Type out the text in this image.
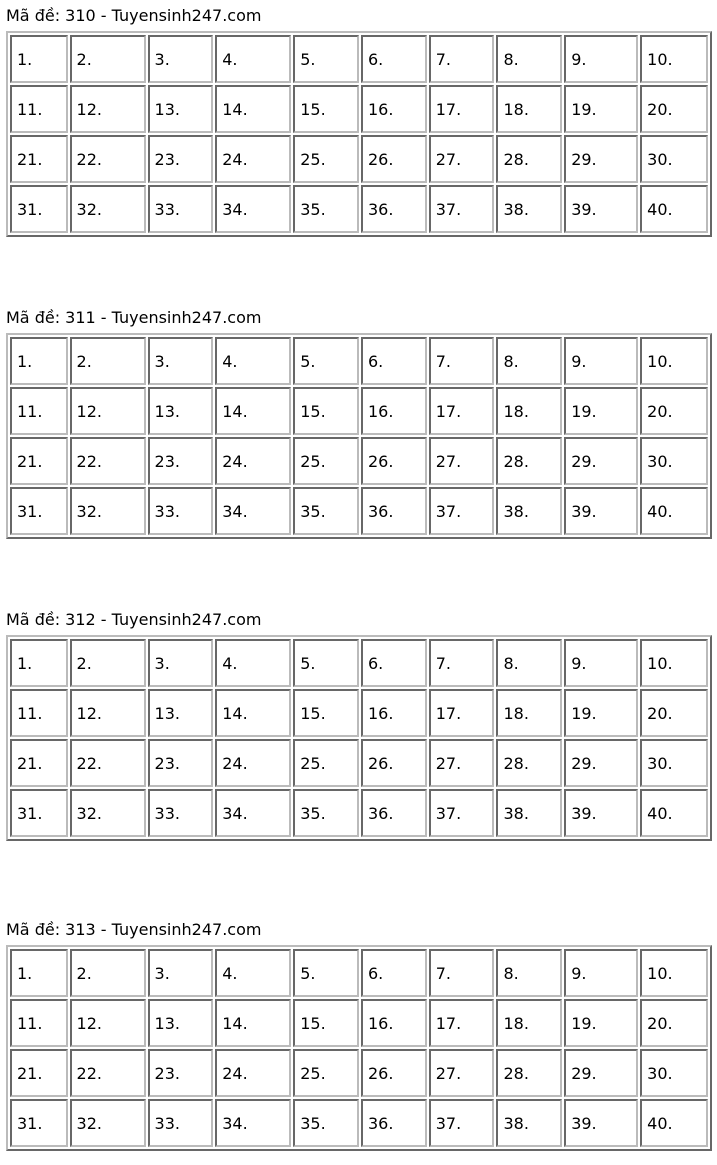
Mã đề: 310 - Tuyensinh247.com

1.	2.	3.	4.	5.	6.	7.	8.	9.	10.
11.	12.	13.	14.	15.	16.	17.	18.	19.	20.
21.	22.	23.	24.	25.	26.	27.	28.	29.	30.
31.	32.	33.	34.	35.	36.	37.	38.	39.	40.

Mã đề: 311 - Tuyensinh247.com

1.	2.	3.	4.	5.	6.	7.	8.	9.	10.
11.	12.	13.	14.	15.	16.	17.	18.	19.	20.
21.	22.	23.	24.	25.	26.	27.	28.	29.	30.
31.	32.	33.	34.	35.	36.	37.	38.	39.	40.

Mã đề: 312 - Tuyensinh247.com

1.	2.	3.	4.	5.	6.	7.	8.	9.	10.
11.	12.	13.	14.	15.	16.	17.	18.	19.	20.
21.	22.	23.	24.	25.	26.	27.	28.	29.	30.
31.	32.	33.	34.	35.	36.	37.	38.	39.	40.

Mã đề: 313 - Tuyensinh247.com

1.	2.	3.	4.	5.	6.	7.	8.	9.	10.
11.	12.	13.	14.	15.	16.	17.	18.	19.	20.
21.	22.	23.	24.	25.	26.	27.	28.	29.	30.
31.	32.	33.	34.	35.	36.	37.	38.	39.	40.
